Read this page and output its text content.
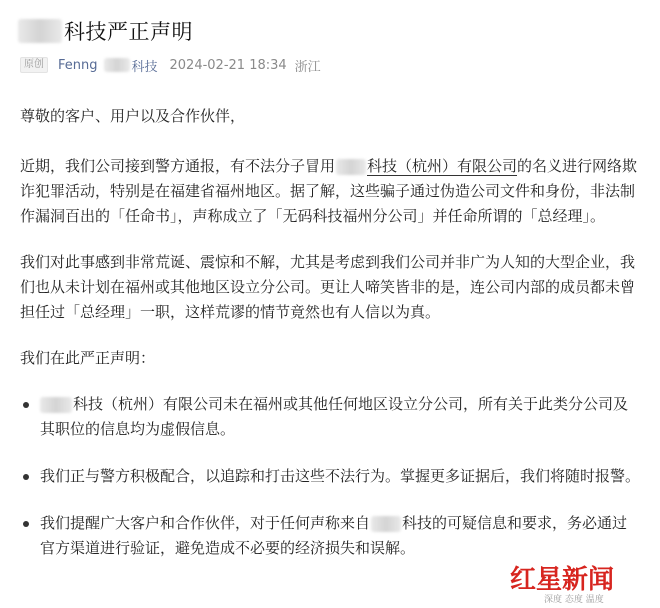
科技严正声明
原创	Fenng	科技 2024-02-21 18:34 浙江

尊敬的客户、用户以及合作伙伴，

近期，我们公司接到警方通报，有不法分子冒用 科技（杭州）有限公司的名义进行网络欺诈犯罪活动，特别是在福建省福州地区。据了解，这些骗子通过伪造公司文件和身份，非法制作漏洞百出的「任命书」，声称成立了「无码科技福州分公司」并任命所谓的「总经理」。

我们对此事感到非常荒诞、震惊和不解，尤其是考虑到我们公司并非广为人知的大型企业，我们也从未计划在福州或其他地区设立分公司。更让人啼笑皆非的是，连公司内部的成员都未曾担任过「总经理」一职，这样荒谬的情节竟然也有人信以为真。

我们在此严正声明：

科技（杭州）有限公司未在福州或其他任何地区设立分公司，所有关于此类分公司及其职位的信息均为虚假信息。
我们正与警方积极配合，以追踪和打击这些不法行为。掌握更多证据后，我们将随时报警。
我们提醒广大客户和合作伙伴，对于任何声称来自 科技的可疑信息和要求，务必通过官方渠道进行验证，避免造成不必要的经济损失和误解。
红星新闻
深度 态度 温度
